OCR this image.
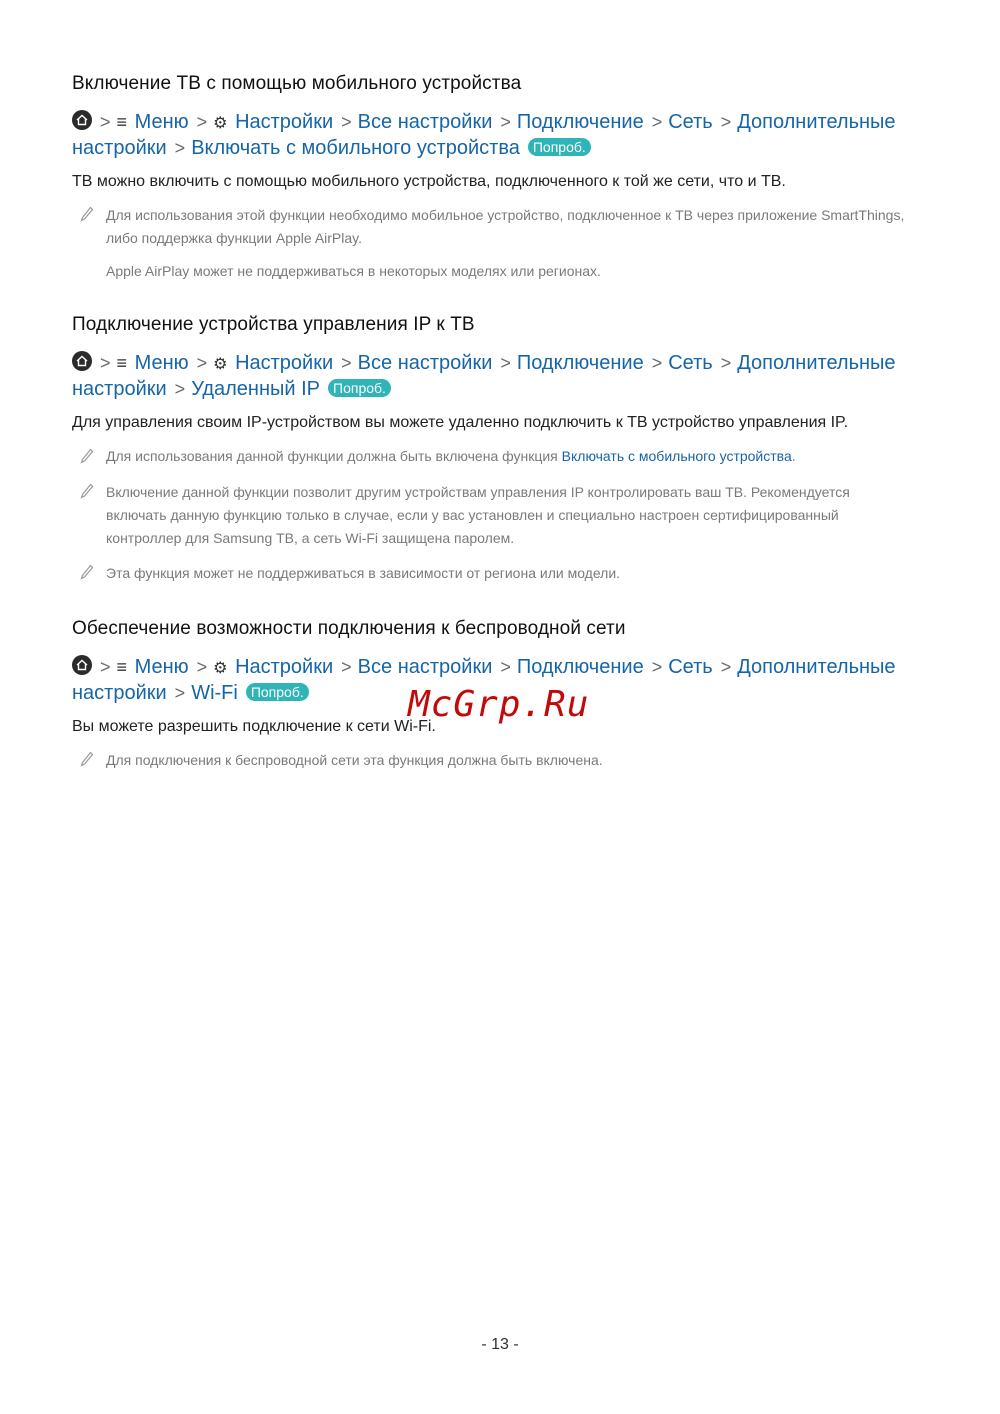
Включение ТВ с помощью мобильного устройства
> ≡ Меню > ⚙ Настройки > Все настройки > Подключение > Сеть > Дополнительные настройки > Включать с мобильного устройства Попроб.

ТВ можно включить с помощью мобильного устройства, подключенного к той же сети, что и ТВ.

Для использования этой функции необходимо мобильное устройство, подключенное к ТВ через приложение SmartThings, либо поддержка функции Apple AirPlay.

Apple AirPlay может не поддерживаться в некоторых моделях или регионах.

Подключение устройства управления IP к ТВ
> ≡ Меню > ⚙ Настройки > Все настройки > Подключение > Сеть > Дополнительные настройки > Удаленный IP Попроб.

Для управления своим IP-устройством вы можете удаленно подключить к ТВ устройство управления IP.

Для использования данной функции должна быть включена функция Включать с мобильного устройства.

Включение данной функции позволит другим устройствам управления IP контролировать ваш ТВ. Рекомендуется включать данную функцию только в случае, если у вас установлен и специально настроен сертифицированный контроллер для Samsung ТВ, а сеть Wi-Fi защищена паролем.

Эта функция может не поддерживаться в зависимости от региона или модели.

Обеспечение возможности подключения к беспроводной сети
> ≡ Меню > ⚙ Настройки > Все настройки > Подключение > Сеть > Дополнительные настройки > Wi-Fi Попроб.

Вы можете разрешить подключение к сети Wi-Fi.

Для подключения к беспроводной сети эта функция должна быть включена.

McGrp.Ru

- 13 -
